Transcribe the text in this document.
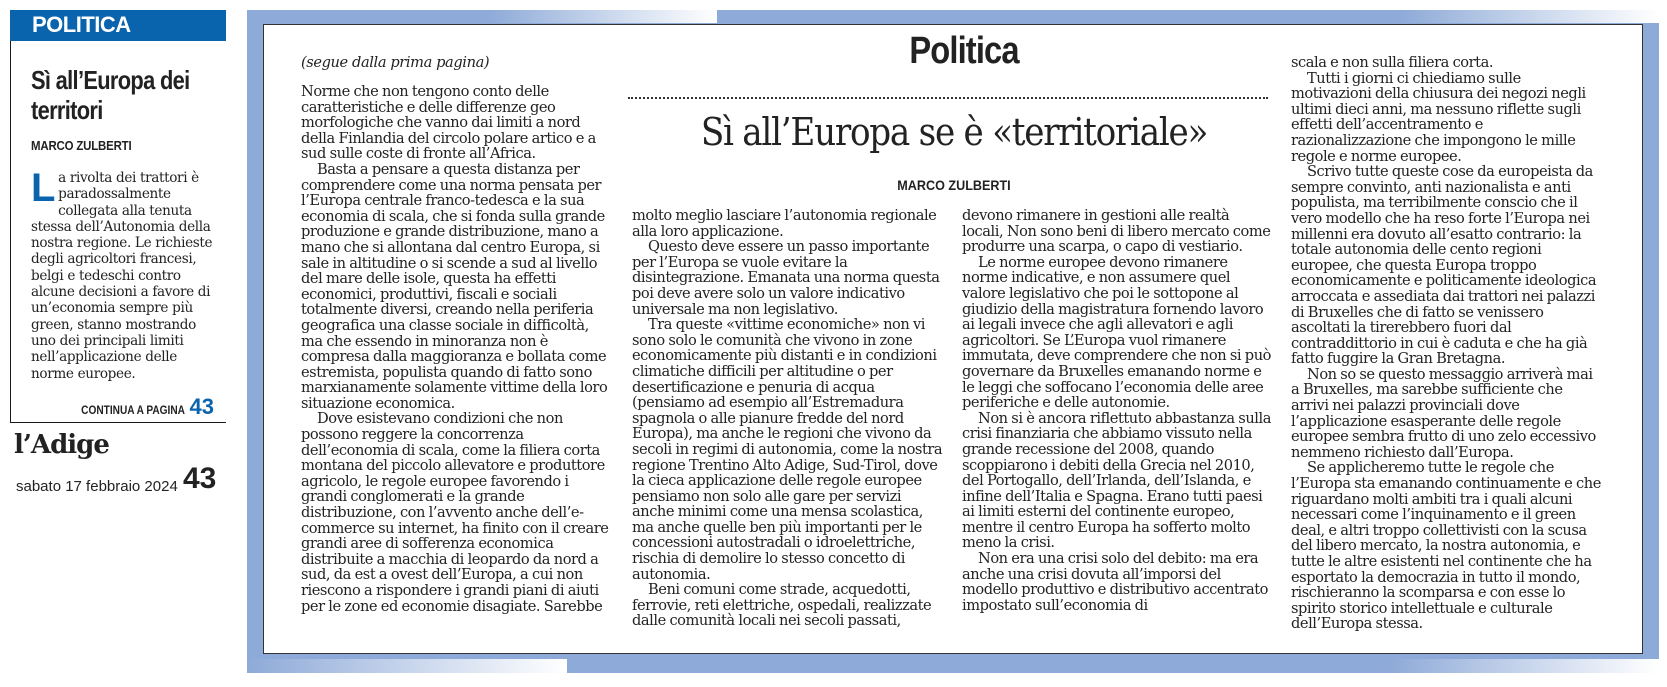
POLITICA
Sì all’Europa dei territori
MARCO ZULBERTI
La rivolta dei trattori è paradossalmente collegata alla tenuta stessa dell’Autonomia della nostra regione. Le richieste degli agricoltori francesi, belgi e tedeschi contro alcune decisioni a favore di un’economia sempre più green, stanno mostrando uno dei principali limiti nell’applicazione delle norme europee.
CONTINUA A PAGINA 43
l’Adige
sabato 17 febbraio 2024 43
(segue dalla prima pagina)	Politica
Sì all’Europa se è «territoriale»
MARCO ZULBERTI

Norme che non tengono conto delle caratteristiche e delle differenze geo morfologiche che vanno dai limiti a nord della Finlandia del circolo polare artico e a sud sulle coste di fronte all’Africa.

Basta a pensare a questa distanza per comprendere come una norma pensata per l’Europa centrale franco-tedesca e la sua economia di scala, che si fonda sulla grande produzione e grande distribuzione, mano a mano che si allontana dal centro Europa, si sale in altitudine o si scende a sud al livello del mare delle isole, questa ha effetti economici, produttivi, fiscali e sociali totalmente diversi, creando nella periferia geografica una classe sociale in difficoltà, ma che essendo in minoranza non è compresa dalla maggioranza e bollata come estremista, populista quando di fatto sono marxianamente solamente vittime della loro situazione economica.

Dove esistevano condizioni che non possono reggere la concorrenza dell’economia di scala, come la filiera corta montana del piccolo allevatore e produttore agricolo, le regole europee favorendo i grandi conglomerati e la grande distribuzione, con l’avvento anche dell’e-commerce su internet, ha finito con il creare grandi aree di sofferenza economica distribuite a macchia di leopardo da nord a sud, da est a ovest dell’Europa, a cui non riescono a rispondere i grandi piani di aiuti per le zone ed economie disagiate. Sarebbe

molto meglio lasciare l’autonomia regionale alla loro applicazione.

Questo deve essere un passo importante per l’Europa se vuole evitare la disintegrazione. Emanata una norma questa poi deve avere solo un valore indicativo universale ma non legislativo.

Tra queste «vittime economiche» non vi sono solo le comunità che vivono in zone economicamente più distanti e in condizioni climatiche difficili per altitudine o per desertificazione e penuria di acqua (pensiamo ad esempio all’Estremadura spagnola o alle pianure fredde del nord Europa), ma anche le regioni che vivono da secoli in regimi di autonomia, come la nostra regione Trentino Alto Adige, Sud-Tirol, dove la cieca applicazione delle regole europee pensiamo non solo alle gare per servizi anche minimi come una mensa scolastica, ma anche quelle ben più importanti per le concessioni autostradali o idroelettriche, rischia di demolire lo stesso concetto di autonomia.

Beni comuni come strade, acquedotti, ferrovie, reti elettriche, ospedali, realizzate dalle comunità locali nei secoli passati,

devono rimanere in gestioni alle realtà locali, Non sono beni di libero mercato come produrre una scarpa, o capo di vestiario.

Le norme europee devono rimanere norme indicative, e non assumere quel valore legislativo che poi le sottopone al giudizio della magistratura fornendo lavoro ai legali invece che agli allevatori e agli agricoltori. Se L’Europa vuol rimanere immutata, deve comprendere che non si può governare da Bruxelles emanando norme e le leggi che soffocano l’economia delle aree periferiche e delle autonomie.

Non si è ancora riflettuto abbastanza sulla crisi finanziaria che abbiamo vissuto nella grande recessione del 2008, quando scoppiarono i debiti della Grecia nel 2010, del Portogallo, dell’Irlanda, dell’Islanda, e infine dell’Italia e Spagna. Erano tutti paesi ai limiti esterni del continente europeo, mentre il centro Europa ha sofferto molto meno la crisi.

Non era una crisi solo del debito: ma era anche una crisi dovuta all’imporsi del modello produttivo e distributivo accentrato impostato sull’economia di

scala e non sulla filiera corta.

Tutti i giorni ci chiediamo sulle motivazioni della chiusura dei negozi negli ultimi dieci anni, ma nessuno riflette sugli effetti dell’accentramento e razionalizzazione che impongono le mille regole e norme europee.

Scrivo tutte queste cose da europeista da sempre convinto, anti nazionalista e anti populista, ma terribilmente conscio che il vero modello che ha reso forte l’Europa nei millenni era dovuto all’esatto contrario: la totale autonomia delle cento regioni europee, che questa Europa troppo economicamente e politicamente ideologica arroccata e assediata dai trattori nei palazzi di Bruxelles che di fatto se venissero ascoltati la tirerebbero fuori dal contraddittorio in cui è caduta e che ha già fatto fuggire la Gran Bretagna.

Non so se questo messaggio arriverà mai a Bruxelles, ma sarebbe sufficiente che arrivi nei palazzi provinciali dove l’applicazione esasperante delle regole europee sembra frutto di uno zelo eccessivo nemmeno richiesto dall’Europa.

Se applicheremo tutte le regole che l’Europa sta emanando continuamente e che riguardano molti ambiti tra i quali alcuni necessari come l’inquinamento e il green deal, e altri troppo collettivisti con la scusa del libero mercato, la nostra autonomia, e tutte le altre esistenti nel continente che ha esportato la democrazia in tutto il mondo, rischieranno la scomparsa e con esse lo spirito storico intellettuale e culturale dell’Europa stessa.
